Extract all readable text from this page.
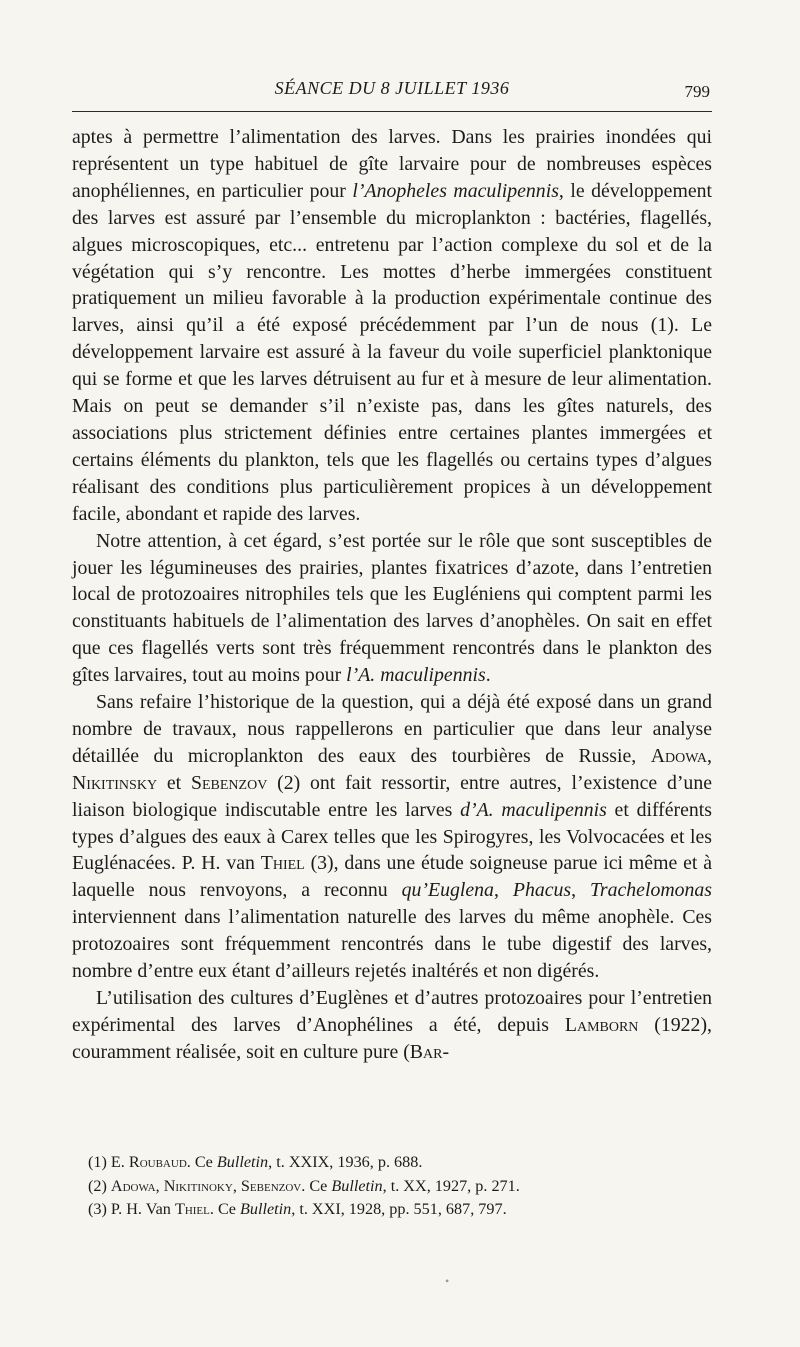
SÉANCE DU 8 JUILLET 1936	799

aptes à permettre l’alimentation des larves. Dans les prairies inondées qui représentent un type habituel de gîte larvaire pour de nombreuses espèces anophéliennes, en particulier pour l’Anopheles maculipennis, le développement des larves est assuré par l’ensemble du microplankton : bactéries, flagellés, algues microscopiques, etc... entretenu par l’action complexe du sol et de la végétation qui s’y rencontre. Les mottes d’herbe immergées constituent pratiquement un milieu favorable à la production expérimentale continue des larves, ainsi qu’il a été exposé précédemment par l’un de nous (1). Le développement larvaire est assuré à la faveur du voile superficiel planktonique qui se forme et que les larves détruisent au fur et à mesure de leur alimentation. Mais on peut se demander s’il n’existe pas, dans les gîtes naturels, des associations plus strictement définies entre certaines plantes immergées et certains éléments du plankton, tels que les flagellés ou certains types d’algues réalisant des conditions plus particulièrement propices à un développement facile, abondant et rapide des larves.

Notre attention, à cet égard, s’est portée sur le rôle que sont susceptibles de jouer les légumineuses des prairies, plantes fixatrices d’azote, dans l’entretien local de protozoaires nitrophiles tels que les Eugléniens qui comptent parmi les constituants habituels de l’alimentation des larves d’anophèles. On sait en effet que ces flagellés verts sont très fréquemment rencontrés dans le plankton des gîtes larvaires, tout au moins pour l’A. maculipennis.

Sans refaire l’historique de la question, qui a déjà été exposé dans un grand nombre de travaux, nous rappellerons en particulier que dans leur analyse détaillée du microplankton des eaux des tourbières de Russie, Adowa, Nikitinsky et Sebenzov (2) ont fait ressortir, entre autres, l’existence d’une liaison biologique indiscutable entre les larves d’A. maculipennis et différents types d’algues des eaux à Carex telles que les Spirogyres, les Volvocacées et les Euglénacées. P. H. van Thiel (3), dans une étude soigneuse parue ici même et à laquelle nous renvoyons, a reconnu qu’Euglena, Phacus, Trachelomonas interviennent dans l’alimentation naturelle des larves du même anophèle. Ces protozoaires sont fréquemment rencontrés dans le tube digestif des larves, nombre d’entre eux étant d’ailleurs rejetés inaltérés et non digérés.

L’utilisation des cultures d’Euglènes et d’autres protozoaires pour l’entretien expérimental des larves d’Anophélines a été, depuis Lamborn (1922), couramment réalisée, soit en culture pure (Bar-

(1) E. Roubaud. Ce Bulletin, t. XXIX, 1936, p. 688.
(2) Adowa, Nikitinoky, Sebenzov. Ce Bulletin, t. XX, 1927, p. 271.
(3) P. H. Van Thiel. Ce Bulletin, t. XXI, 1928, pp. 551, 687, 797.
•
